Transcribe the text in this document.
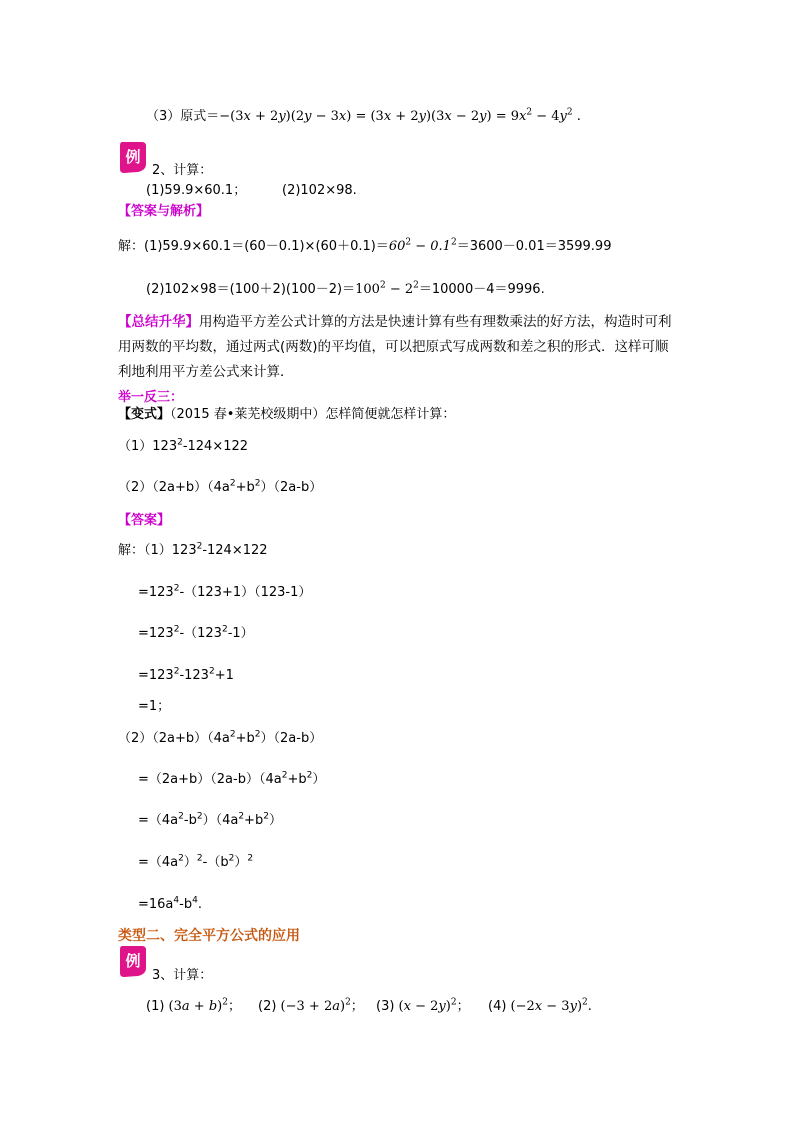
（3）原式$=-(3x + 2y)(2y - 3x) = (3x + 2y)(3x - 2y) = 9x^2 - 4y^2$ .
例
2、计算：
(1)59.9×60.1；	(2)102×98.
【答案与解析】
解：$(1)59.9\times 60.1=(60-0.1)\times(60+0.1)=60^2 - 0.1^2=3600-0.01=3599.99$
$(2)102\times 98=(100+2)(100-2)=100^2 - 2^2=10000-4=9996$.
【总结升华】用构造平方差公式计算的方法是快速计算有些有理数乘法的好方法，构造时可利用两数的平均数，通过两式(两数)的平均值，可以把原式写成两数和差之积的形式．这样可顺利地利用平方差公式来计算．
举一反三：
【变式】（2015 春•莱芜校级期中）怎样简便就怎样计算：
$(1)123^2-124\times 122$
$(2)(2a+b)(4a^2+b^2)(2a-b)$
【答案】
解：$(1)123^2-124\times 122$
$=123^2-(123+1)(123-1)$
$=123^2-(123^2-1)$
$=123^2-123^2+1$
=1；
$(2)(2a+b)(4a^2+b^2)(2a-b)$
$=(2a+b)(2a-b)(4a^2+b^2)$
$=(4a^2-b^2)(4a^2+b^2)$
$=(4a^2)^2-(b^2)^2$
$=16a^4-b^4$.
类型二、完全平方公式的应用
例
3、计算：
(1) $(3a + b)^2$； (2) $(-3 + 2a)^2$； (3) $(x - 2y)^2$； (4) $(-2x - 3y)^2$.
